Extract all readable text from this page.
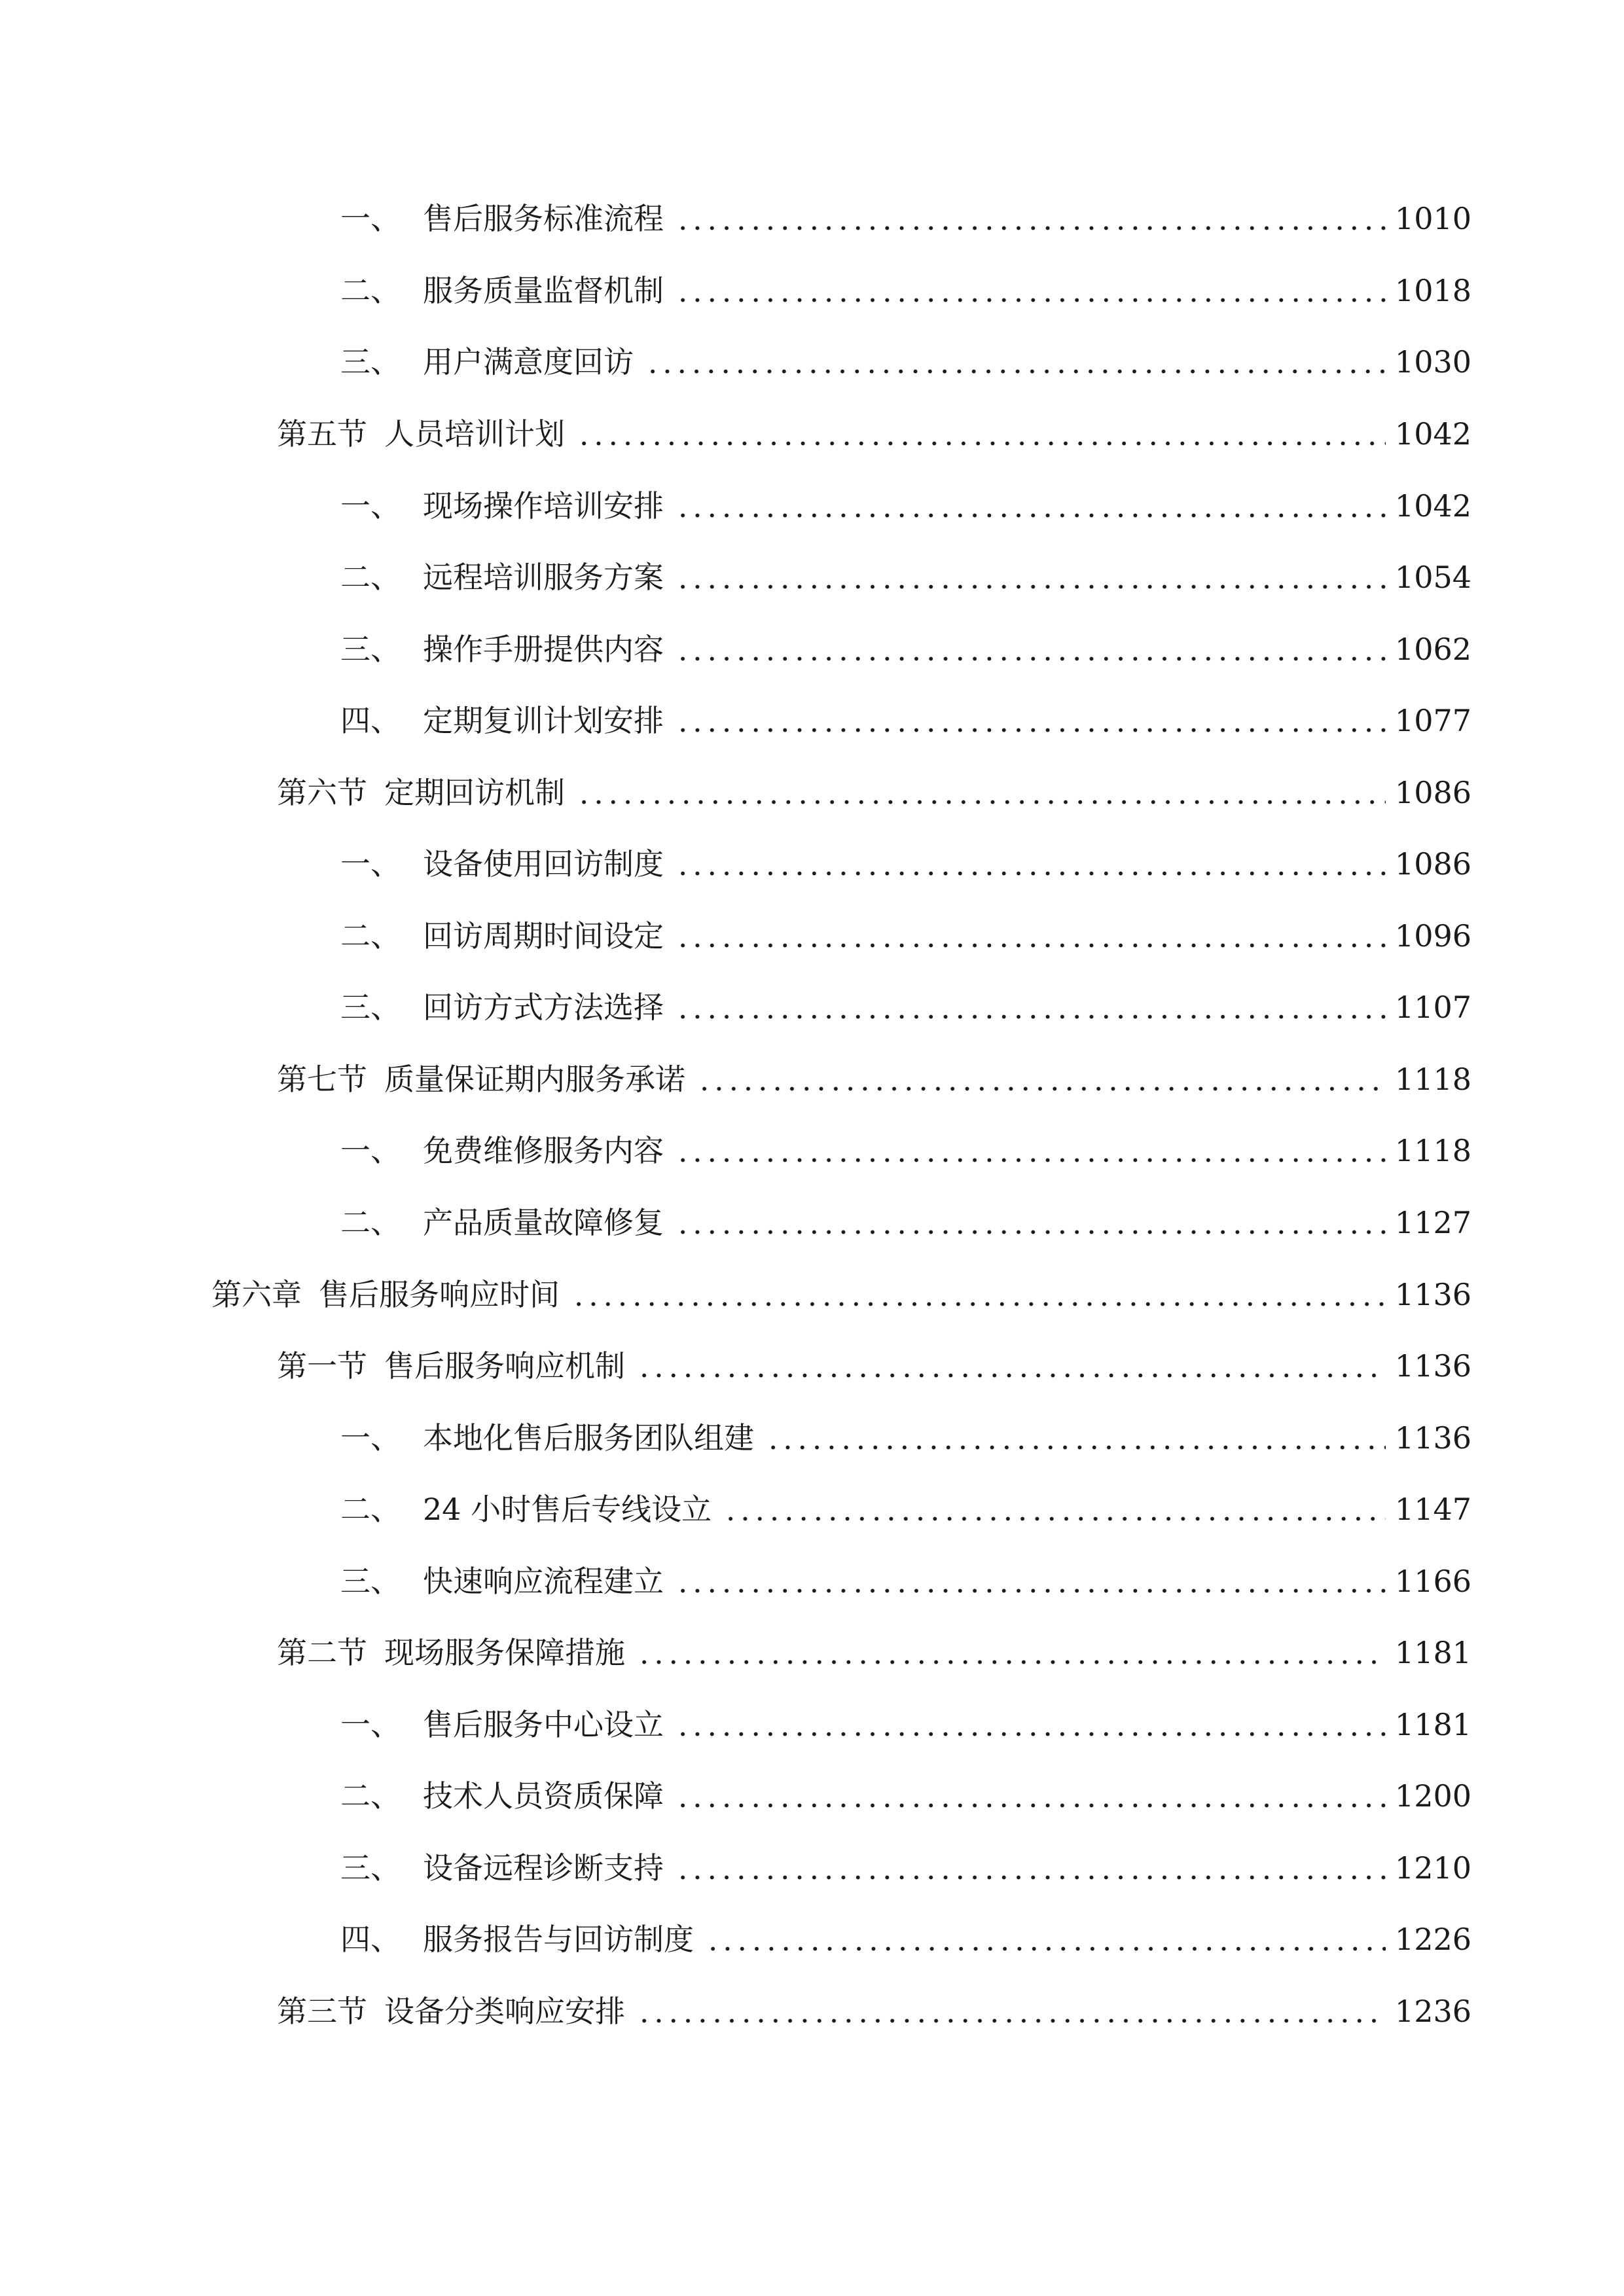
一、 售后服务标准流程	1010
二、 服务质量监督机制	1018
三、 用户满意度回访	1030
第五节 人员培训计划	1042
一、 现场操作培训安排	1042
二、 远程培训服务方案	1054
三、 操作手册提供内容	1062
四、 定期复训计划安排	1077
第六节 定期回访机制	1086
一、 设备使用回访制度	1086
二、 回访周期时间设定	1096
三、 回访方式方法选择	1107
第七节 质量保证期内服务承诺	1118
一、 免费维修服务内容	1118
二、 产品质量故障修复	1127
第六章 售后服务响应时间	1136
第一节 售后服务响应机制	1136
一、 本地化售后服务团队组建	1136
二、 24 小时售后专线设立	1147
三、 快速响应流程建立	1166
第二节 现场服务保障措施	1181
一、 售后服务中心设立	1181
二、 技术人员资质保障	1200
三、 设备远程诊断支持	1210
四、 服务报告与回访制度	1226
第三节 设备分类响应安排	1236
